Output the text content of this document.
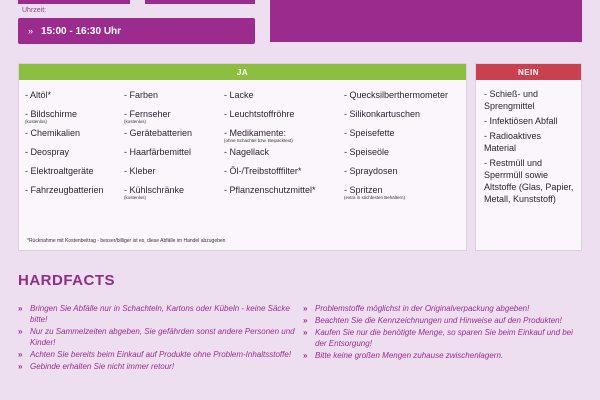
Uhrzeit:
» 15:00 - 16:30 Uhr
JA
- Altöl*
- Bildschirme
(kostenlos)
- Chemikalien
- Deospray
- Elektroaltgeräte
- Fahrzeugbatterien
- Farben
- Fernseher
(kostenlos)
- Gerätebatterien
- Haarfärbemittel
- Kleber
- Kühlschränke
(kostenlos)
- Lacke
- Leuchtstoffröhre
- Medikamente:
(ohne Schachtel bzw. Beipacktext)
- Nagellack
- Öl-/Treibstofffilter*
- Pflanzenschutzmittel*
- Quecksilberthermometer
- Silikonkartuschen
- Speisefette
- Speiseöle
- Spraydosen
- Spritzen
(extra in stichfesten Behältern)
*Rücknahme mit Kostenbeitrag - besser/billiger ist es, diese Abfälle im Handel abzugeben
NEIN
- Schieß- und Sprengmittel
- Infektiösen Abfall
- Radioaktives Material
- Restmüll und Sperrmüll sowie Altstoffe (Glas, Papier, Metall, Kunststoff)
HARDFACTS
» Bringen Sie Abfälle nur in Schachteln, Kartons oder Kübeln - keine Säcke bitte!
» Nur zu Sammelzeiten abgeben, Sie gefährden sonst andere Personen und Kinder!
» Achten Sie bereits beim Einkauf auf Produkte ohne Problem-Inhaltsstoffe!
» Gebinde erhalten Sie nicht immer retour!
» Problemstoffe möglichst in der Originalverpackung abgeben!
» Beachten Sie die Kennzeichnungen und Hinweise auf den Produkten!
» Kaufen Sie nur die benötigte Menge, so sparen Sie beim Einkauf und bei der Entsorgung!
» Bitte keine großen Mengen zuhause zwischenlagern.
